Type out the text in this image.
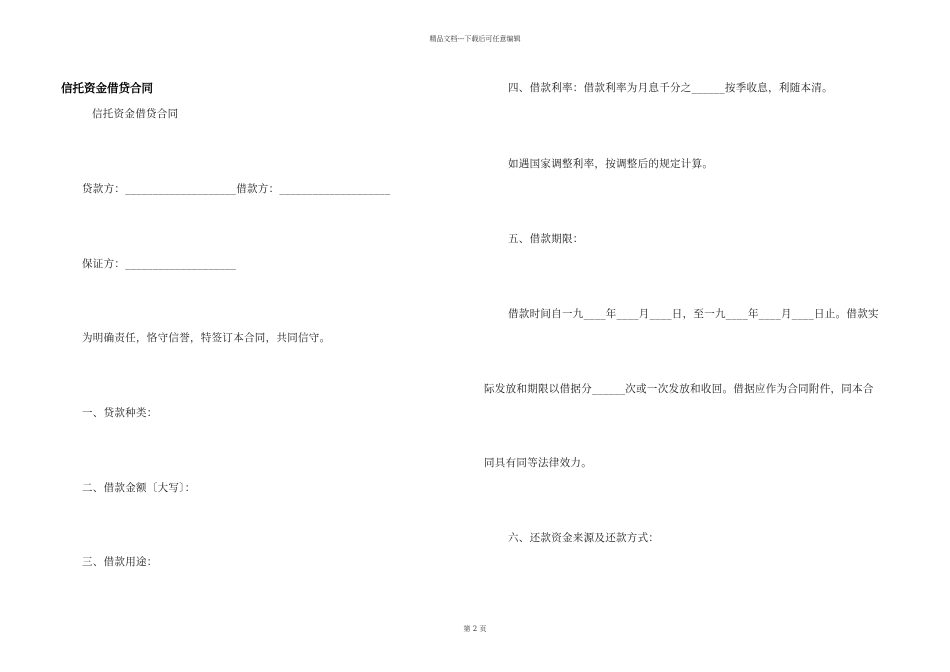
精品文档---下载后可任意编辑
信托资金借贷合同
信托资金借贷合同
贷款方：____________________借款方：____________________
保证方：____________________
为明确责任，恪守信誉，特签订本合同，共同信守。
一、贷款种类：
二、借款金额〔大写〕：
三、借款用途：
四、借款利率：借款利率为月息千分之______按季收息，利随本清。
如遇国家调整利率，按调整后的规定计算。
五、借款期限：
借款时间自一九____年____月____日，至一九____年____月____日止。借款实
际发放和期限以借据分______次或一次发放和收回。借据应作为合同附件，同本合
同具有同等法律效力。
六、还款资金来源及还款方式：
第 2 页
